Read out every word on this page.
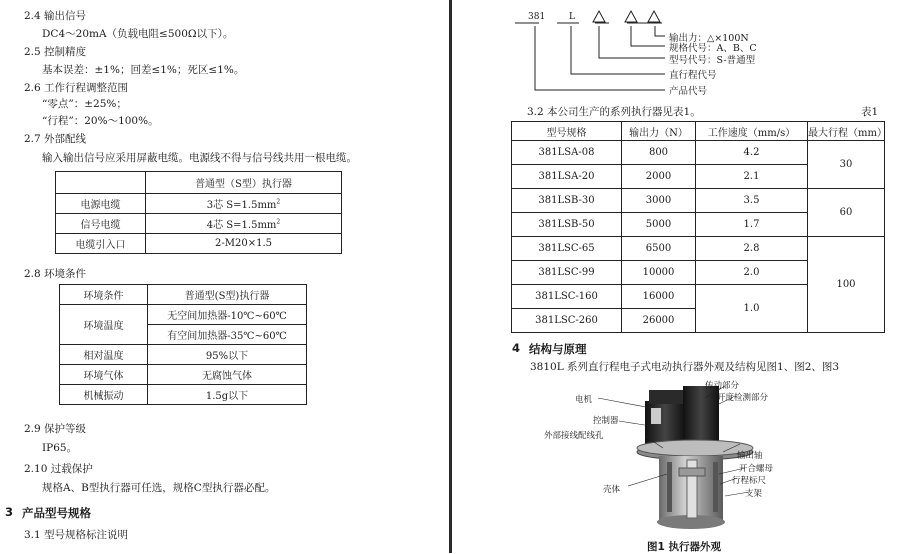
2.4 输出信号
DC4～20mA（负载电阻≤500Ω以下）。
2.5 控制精度
基本误差：±1%；回差≤1%；死区≤1%。
2.6 工作行程调整范围
“零点”：±25%；
“行程”：20%～100%。
2.7 外部配线
输入输出信号应采用屏蔽电缆。电源线不得与信号线共用一根电缆。
	普通型（S型）执行器
电源电缆	3芯 $S=1.5mm^2$
信号电缆	4芯 $S=1.5mm^2$
电缆引入口	2-M20×1.5
2.8 环境条件
环境条件	普通型(S型)执行器
环境温度	无空间加热器-10℃~60℃
	有空间加热器-35℃~60℃
相对温度	95%以下
环境气体	无腐蚀气体
机械振动	1.5g以下
2.9 保护等级
IP65。
2.10 过载保护
规格A、B型执行器可任选，规格C型执行器必配。
3 产品型号规格
3.1 型号规格标注说明
381	L
输出力：△×100N
规格代号：A、B、C
型号代号：S-普通型
直行程代号
产品代号
3.2 本公司生产的系列执行器见表1。	表1
型号规格	输出力（N）	工作速度（mm/s）	最大行程（mm）
381LSA-08	800	4.2	30
381LSA-20	2000	2.1	
381LSB-30	3000	3.5	60
381LSB-50	5000	1.7	
381LSC-65	6500	2.8	100
381LSC-99	10000	2.0	
381LSC-160	16000	1.0	
381LSC-260	26000		
4 结构与原理
3810L 系列直行程电子式电动执行器外观及结构见图1、图2、图3
电机
控制器
外部接线配线孔
壳体
传动部分
开度检测部分
输出轴
开合螺母
行程标尺
支架
图1 执行器外观
